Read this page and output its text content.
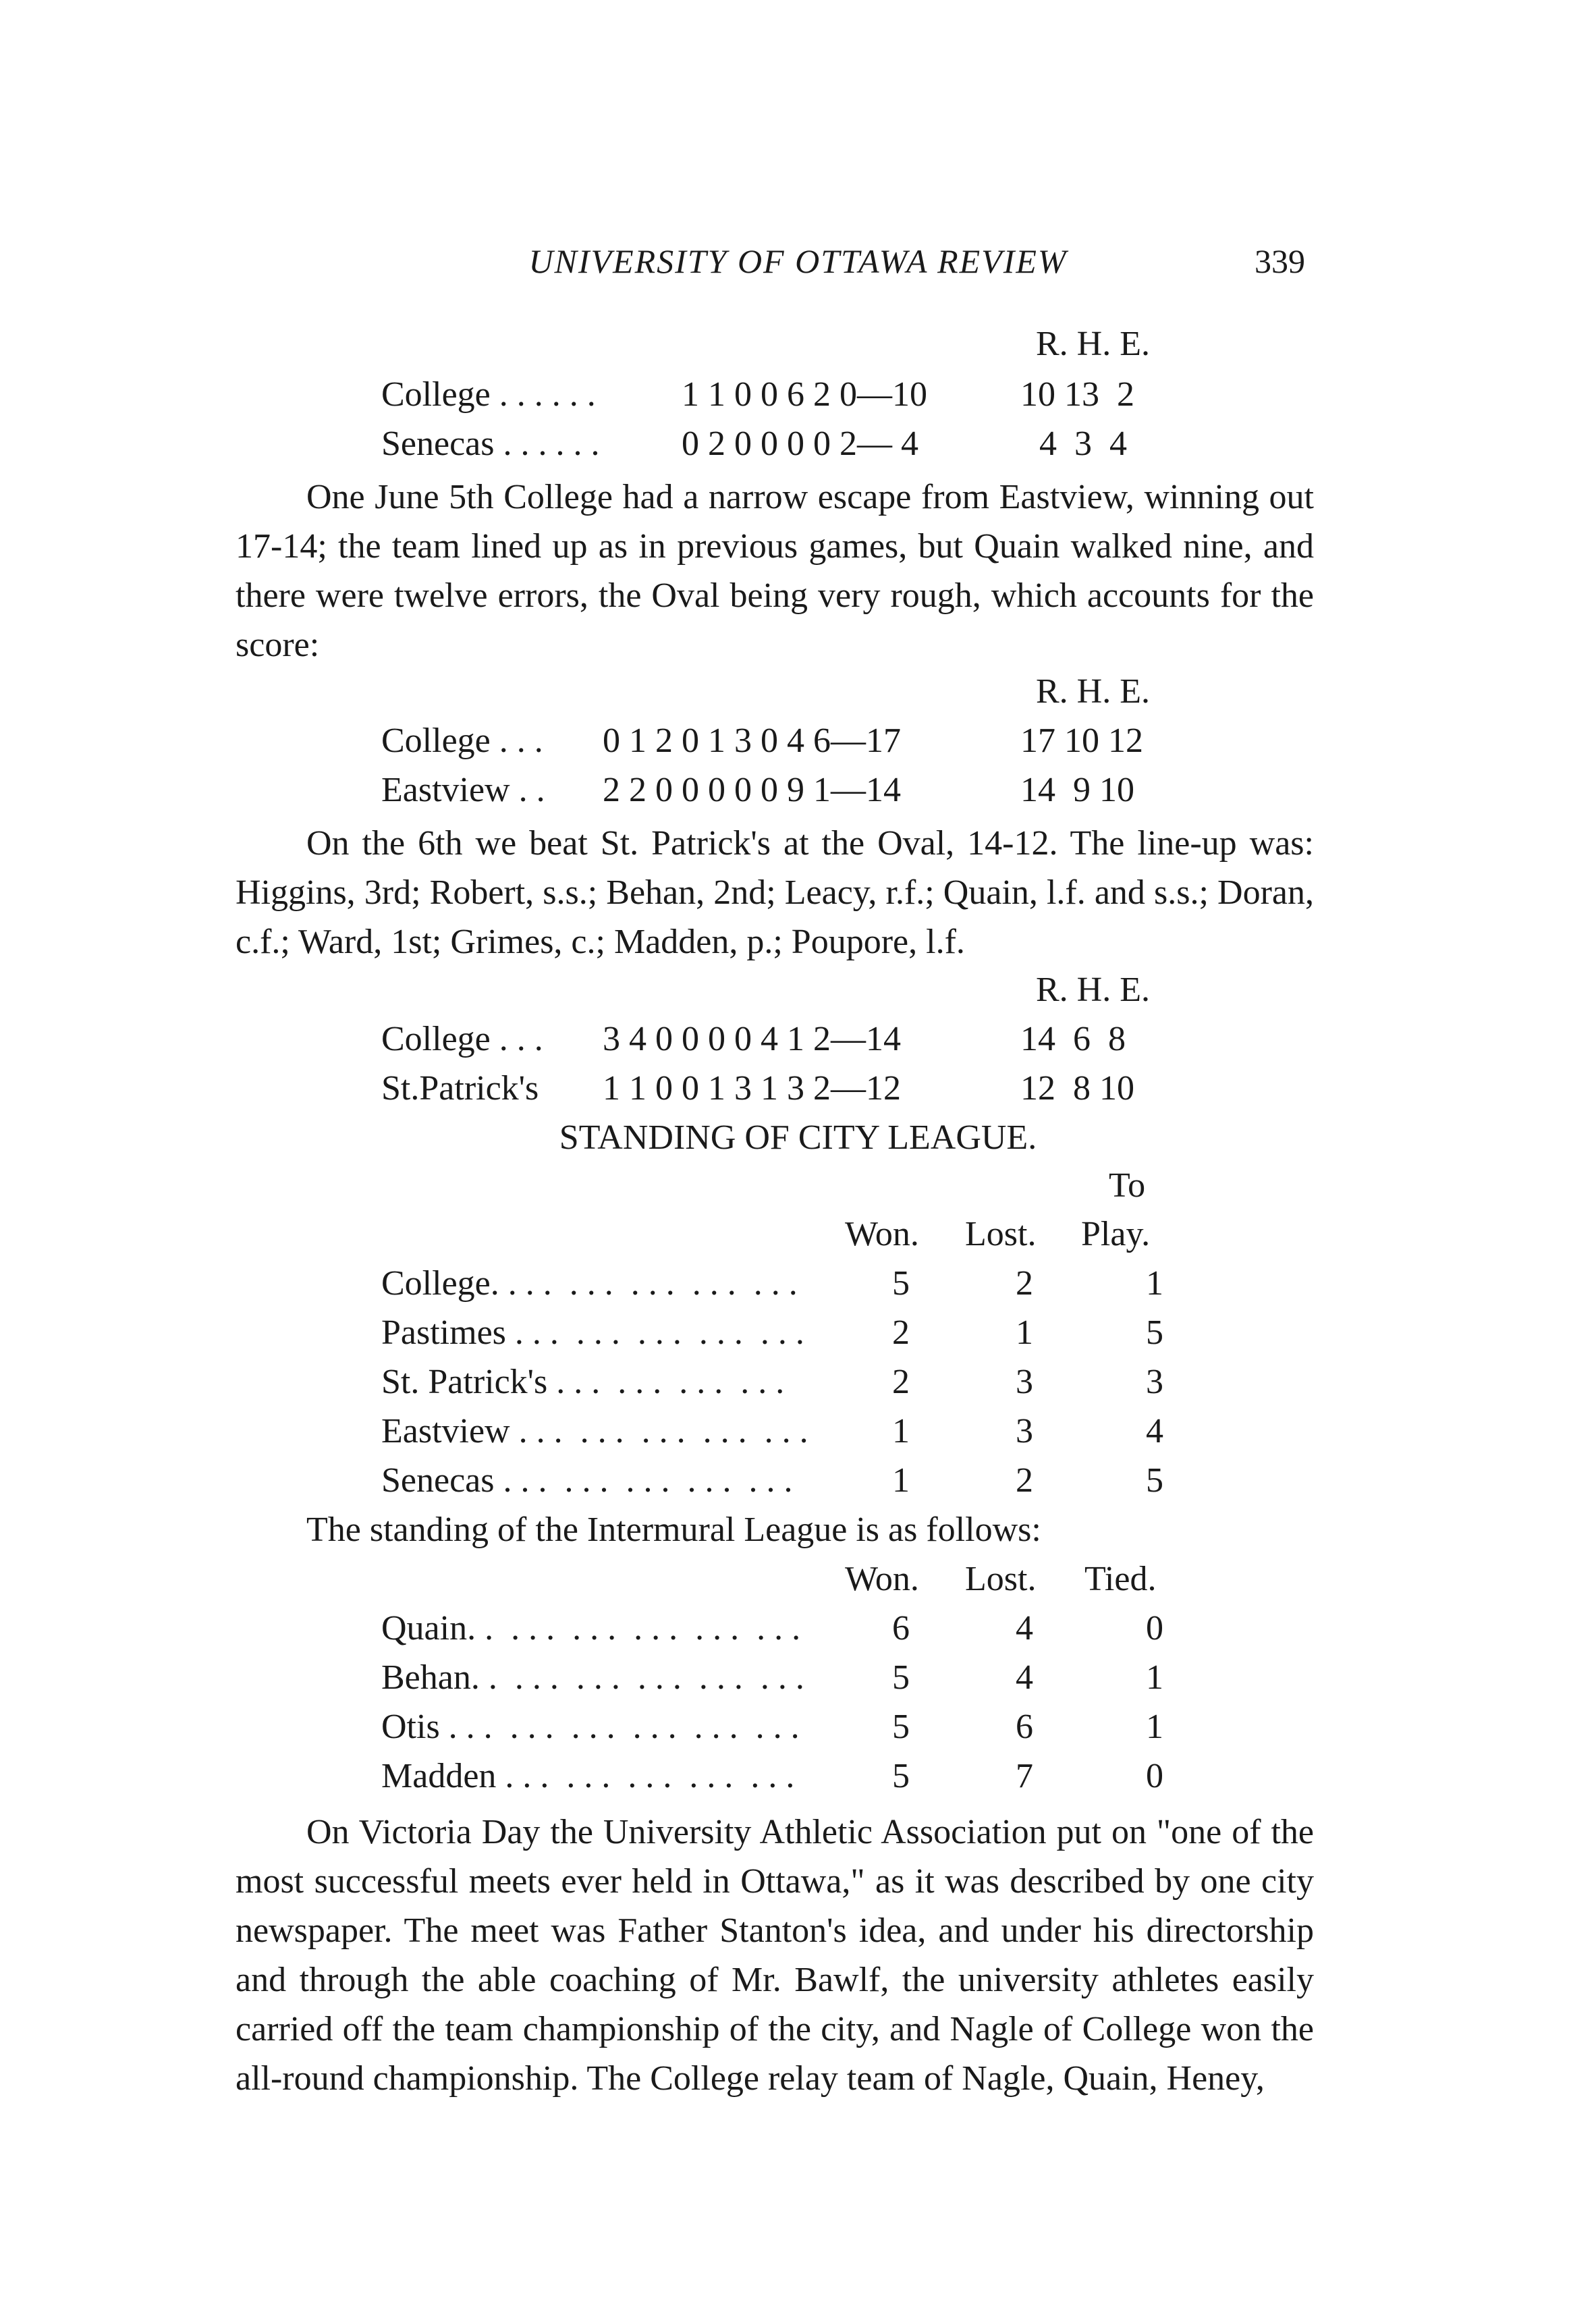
UNIVERSITY OF OTTAWA REVIEW	339
R. H. E.
College . . . . . . 1 1 0 0 6 2 0—10	10 13  2
Senecas . . . . . . 0 2 0 0 0 0 2— 4	4  3  4
One June 5th College had a narrow escape from Eastview, winning out 17-14; the team lined up as in previous games, but Quain walked nine, and there were twelve errors, the Oval being very rough, which accounts for the score:
R. H. E.
College . . . 0 1 2 0 1 3 0 4 6—17	17 10 12
Eastview . . 2 2 0 0 0 0 0 9 1—14	14  9 10
On the 6th we beat St. Patrick's at the Oval, 14-12. The line-up was: Higgins, 3rd; Robert, s.s.; Behan, 2nd; Leacy, r.f.; Quain, l.f. and s.s.; Doran, c.f.; Ward, 1st; Grimes, c.; Madden, p.; Poupore, l.f.
R. H. E.
College . . . 3 4 0 0 0 0 4 1 2—14	14  6  8
St.Patrick's 1 1 0 0 1 3 1 3 2—12	12  8 10
STANDING OF CITY LEAGUE.
To
Won. Lost. Play.
College. . . .  . . .  . . .  . . .  . . .	5	2	1
Pastimes . . .  . . .  . . .  . . .  . . .	2	1	5
St. Patrick's . . .  . . .  . . .  . . .	2	3	3
Eastview . . .  . . .  . . .  . . .  . . . 1	3	4
Senecas . . .  . . .  . . .  . . .  . . .	1	2	5
The standing of the Intermural League is as follows:
Won. Lost. Tied.
Quain. .  . . .  . . .  . . .  . . .  . . .	6	4	0
Behan. .  . . .  . . .  . . .  . . .  . . .	5	4	1
Otis . . .  . . .  . . .  . . .  . . .  . . .	5	6	1
Madden . . .  . . .  . . .  . . .  . . .	5	7	0
On Victoria Day the University Athletic Association put on "one of the most successful meets ever held in Ottawa," as it was described by one city newspaper. The meet was Father Stanton's idea, and under his directorship and through the able coaching of Mr. Bawlf, the university athletes easily carried off the team championship of the city, and Nagle of College won the all-round championship. The College relay team of Nagle, Quain, Heney,
